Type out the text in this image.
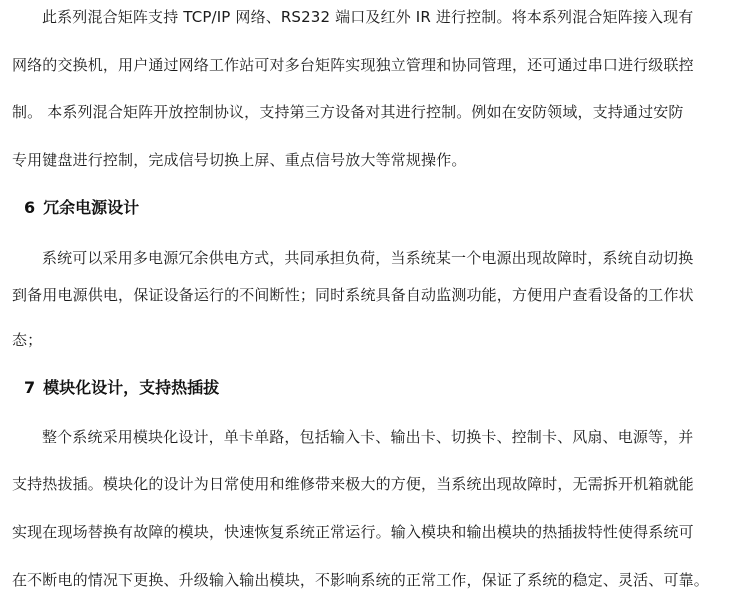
此系列混合矩阵支持 TCP/IP 网络、RS232 端口及红外 IR 进行控制。将本系列混合矩阵接入现有
网络的交换机，用户通过网络工作站可对多台矩阵实现独立管理和协同管理，还可通过串口进行级联控
制。 本系列混合矩阵开放控制协议，支持第三方设备对其进行控制。例如在安防领域，支持通过安防
专用键盘进行控制，完成信号切换上屏、重点信号放大等常规操作。
6 冗余电源设计
系统可以采用多电源冗余供电方式，共同承担负荷，当系统某一个电源出现故障时，系统自动切换
到备用电源供电，保证设备运行的不间断性；同时系统具备自动监测功能，方便用户查看设备的工作状
态；
7 模块化设计，支持热插拔
整个系统采用模块化设计，单卡单路，包括输入卡、输出卡、切换卡、控制卡、风扇、电源等，并
支持热拔插。模块化的设计为日常使用和维修带来极大的方便，当系统出现故障时，无需拆开机箱就能
实现在现场替换有故障的模块，快速恢复系统正常运行。输入模块和输出模块的热插拔特性使得系统可
在不断电的情况下更换、升级输入输出模块，不影响系统的正常工作，保证了系统的稳定、灵活、可靠。
